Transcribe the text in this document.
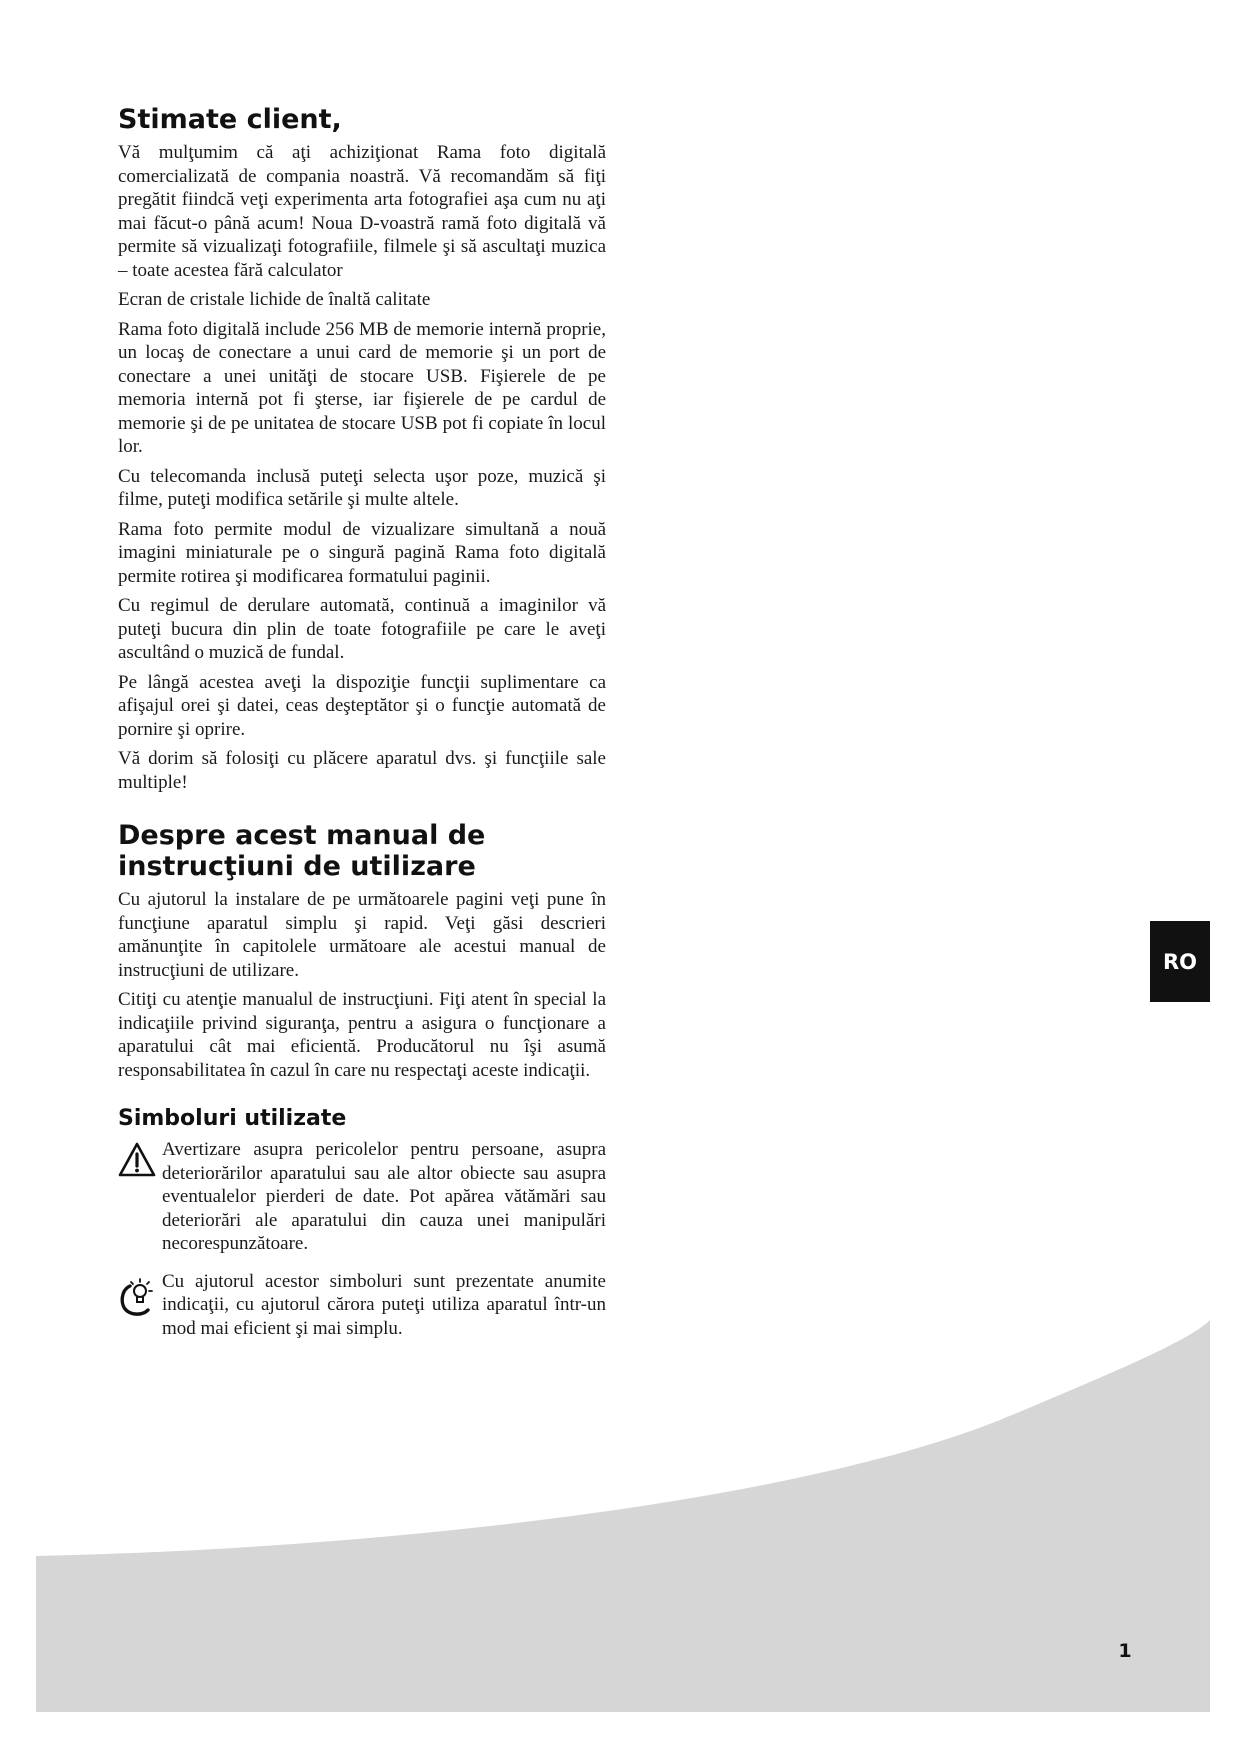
Stimate client,

Vă mulţumim că aţi achiziţionat Rama foto digitală comercializată de compania noastră. Vă recomandăm să fiţi pregătit fiindcă veţi experimenta arta fotografiei aşa cum nu aţi mai făcut-o până acum! Noua D-voastră ramă foto digitală vă permite să vizualizaţi fotografiile, filmele şi să ascultaţi muzica – toate acestea fără calculator

Ecran de cristale lichide de înaltă calitate

Rama foto digitală include 256 MB de memorie internă proprie, un locaş de conectare a unui card de memorie şi un port de conectare a unei unităţi de stocare USB. Fişierele de pe memoria internă pot fi şterse, iar fişierele de pe cardul de memorie şi de pe unitatea de stocare USB pot fi copiate în locul lor.

Cu telecomanda inclusă puteţi selecta uşor poze, muzică şi filme, puteţi modifica setările şi multe altele.

Rama foto permite modul de vizualizare simultană a nouă imagini miniaturale pe o singură pagină Rama foto digitală permite rotirea şi modificarea formatului paginii.

Cu regimul de derulare automată, continuă a imaginilor vă puteţi bucura din plin de toate fotografiile pe care le aveţi ascultând o muzică de fundal.

Pe lângă acestea aveţi la dispoziţie funcţii suplimentare ca afişajul orei şi datei, ceas deşteptător şi o funcţie automată de pornire şi oprire.

Vă dorim să folosiţi cu plăcere aparatul dvs. şi funcţiile sale multiple!

Despre acest manual de
instrucţiuni de utilizare

Cu ajutorul la instalare de pe următoarele pagini veţi pune în funcţiune aparatul simplu şi rapid. Veţi găsi descrieri amănunţite în capitolele următoare ale acestui manual de instrucţiuni de utilizare.

Citiţi cu atenţie manualul de instrucţiuni. Fiţi atent în special la indicaţiile privind siguranţa, pentru a asigura o funcţionare a aparatului cât mai eficientă. Producătorul nu îşi asumă responsabilitatea în cazul în care nu respectaţi aceste indicaţii.

Simboluri utilizate

Avertizare asupra pericolelor pentru persoane, asupra deteriorărilor aparatului sau ale altor obiecte sau asupra eventualelor pierderi de date. Pot apărea vătămări sau deteriorări ale aparatului din cauza unei manipulări necorespunzătoare.

Cu ajutorul acestor simboluri sunt prezentate anumite indicaţii, cu ajutorul cărora puteţi utiliza aparatul într-un mod mai eficient şi mai simplu.

RO
1
